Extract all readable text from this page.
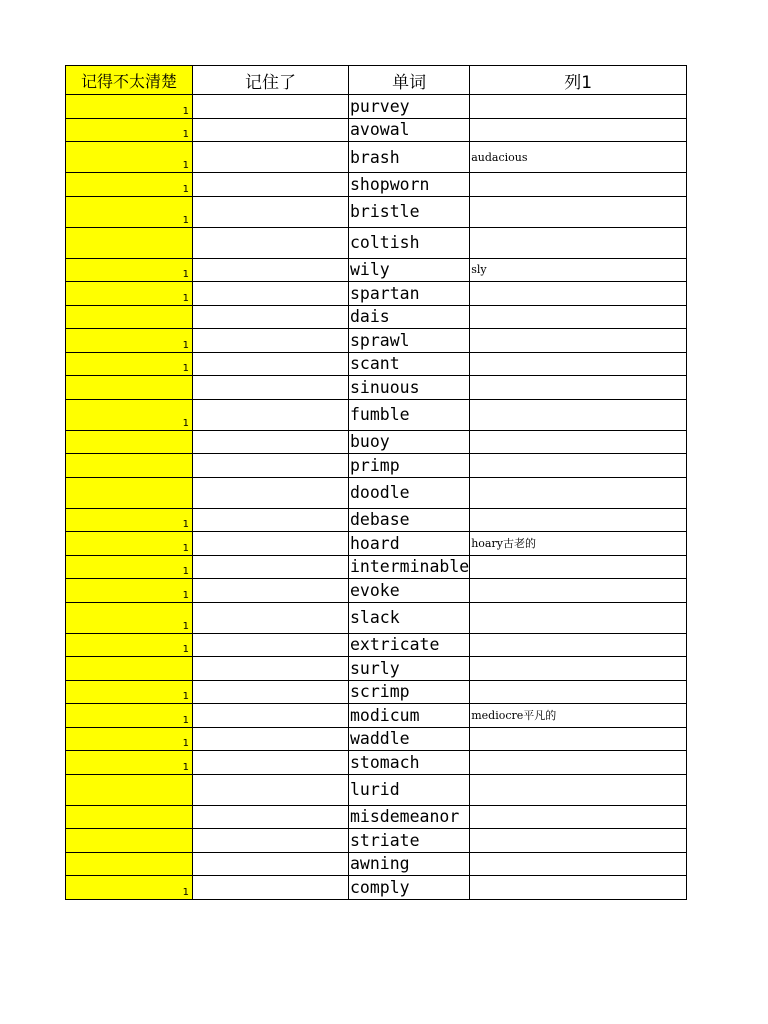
记得不太清楚	记住了	单词	列1
1		purvey	
1		avowal	
1		brash	audacious
1		shopworn	
1		bristle	
		coltish	
1		wily	sly
1		spartan	
		dais	
1		sprawl	
1		scant	
		sinuous	
1		fumble	
		buoy	
		primp	
		doodle	
1		debase	
1		hoard	hoary古老的
1		interminable	
1		evoke	
1		slack	
1		extricate	
		surly	
1		scrimp	
1		modicum	mediocre平凡的
1		waddle	
1		stomach	
		lurid	
		misdemeanor	
		striate	
		awning	
1		comply	
